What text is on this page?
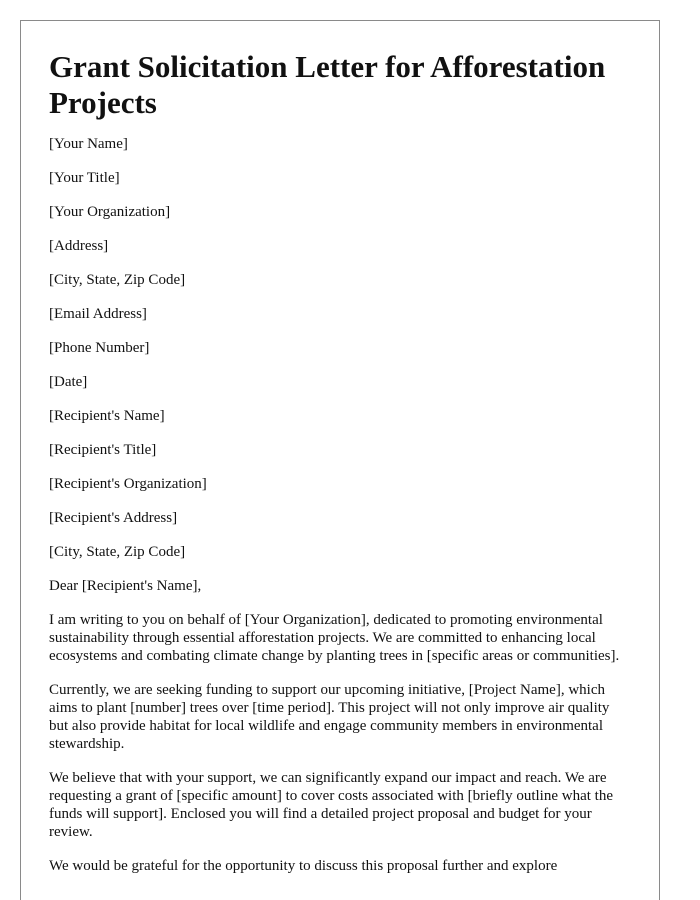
Grant Solicitation Letter for Afforestation Projects

[Your Name]

[Your Title]

[Your Organization]

[Address]

[City, State, Zip Code]

[Email Address]

[Phone Number]

[Date]

[Recipient's Name]

[Recipient's Title]

[Recipient's Organization]

[Recipient's Address]

[City, State, Zip Code]

Dear [Recipient's Name],

I am writing to you on behalf of [Your Organization], dedicated to promoting environmental sustainability through essential afforestation projects. We are committed to enhancing local ecosystems and combating climate change by planting trees in [specific areas or communities].

Currently, we are seeking funding to support our upcoming initiative, [Project Name], which aims to plant [number] trees over [time period]. This project will not only improve air quality but also provide habitat for local wildlife and engage community members in environmental stewardship.

We believe that with your support, we can significantly expand our impact and reach. We are requesting a grant of [specific amount] to cover costs associated with [briefly outline what the funds will support]. Enclosed you will find a detailed project proposal and budget for your review.

We would be grateful for the opportunity to discuss this proposal further and explore
